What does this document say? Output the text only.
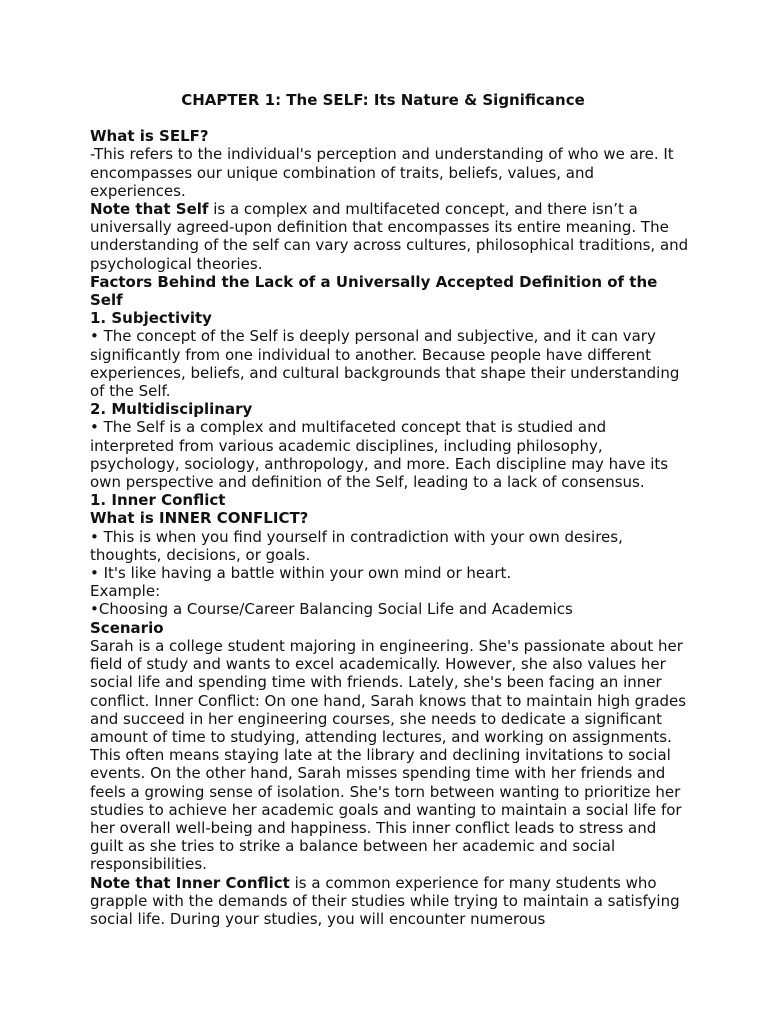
CHAPTER 1: The SELF: Its Nature & Significance

What is SELF?

-This refers to the individual's perception and understanding of who we are. It encompasses our unique combination of traits, beliefs, values, and experiences.

Note that Self is a complex and multifaceted concept, and there isn’t a universally agreed-upon definition that encompasses its entire meaning. The understanding of the self can vary across cultures, philosophical traditions, and psychological theories.

Factors Behind the Lack of a Universally Accepted Definition of the Self

1. Subjectivity

• The concept of the Self is deeply personal and subjective, and it can vary significantly from one individual to another. Because people have different experiences, beliefs, and cultural backgrounds that shape their understanding of the Self.

2. Multidisciplinary

• The Self is a complex and multifaceted concept that is studied and interpreted from various academic disciplines, including philosophy, psychology, sociology, anthropology, and more. Each discipline may have its own perspective and definition of the Self, leading to a lack of consensus.

1. Inner Conflict

What is INNER CONFLICT?

• This is when you find yourself in contradiction with your own desires, thoughts, decisions, or goals.

• It's like having a battle within your own mind or heart.

Example:

•Choosing a Course/Career Balancing Social Life and Academics

Scenario

Sarah is a college student majoring in engineering. She's passionate about her field of study and wants to excel academically. However, she also values her social life and spending time with friends. Lately, she's been facing an inner conflict. Inner Conflict: On one hand, Sarah knows that to maintain high grades and succeed in her engineering courses, she needs to dedicate a significant amount of time to studying, attending lectures, and working on assignments. This often means staying late at the library and declining invitations to social events. On the other hand, Sarah misses spending time with her friends and feels a growing sense of isolation. She's torn between wanting to prioritize her studies to achieve her academic goals and wanting to maintain a social life for her overall well-being and happiness. This inner conflict leads to stress and guilt as she tries to strike a balance between her academic and social responsibilities.

Note that Inner Conflict is a common experience for many students who grapple with the demands of their studies while trying to maintain a satisfying social life. During your studies, you will encounter numerous
